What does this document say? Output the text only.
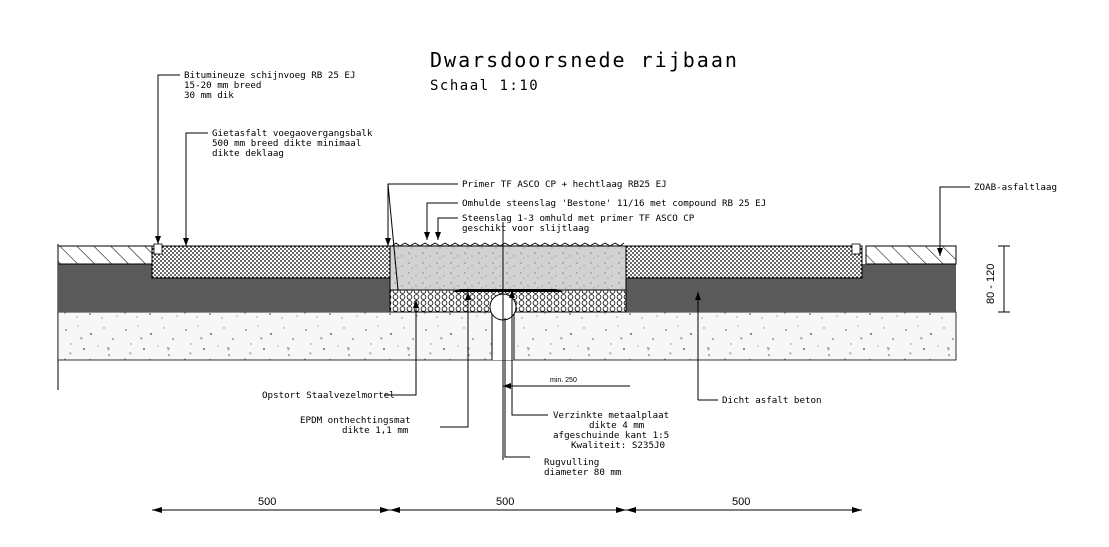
Dwarsdoorsnede rijbaan
Schaal 1:10
min. 250
80 - 120
500	500	500
Bitumineuze schijnvoeg RB 25 EJ
15-20 mm breed
30 mm dik
Gietasfalt voegaovergangsbalk
500 mm breed dikte minimaal
dikte deklaag
Primer TF ASCO CP + hechtlaag RB25 EJ
Omhulde steenslag 'Bestone' 11/16 met compound RB 25 EJ
Steenslag 1-3 omhuld met primer TF ASCO CP
geschikt voor slijtlaag
ZOAB-asfaltlaag
Opstort Staalvezelmortel
EPDM onthechtingsmat
dikte 1,1 mm
Verzinkte metaalplaat
dikte 4 mm
afgeschuinde kant 1:5
Kwaliteit: S235J0
Rugvulling
diameter 80 mm
Dicht asfalt beton
